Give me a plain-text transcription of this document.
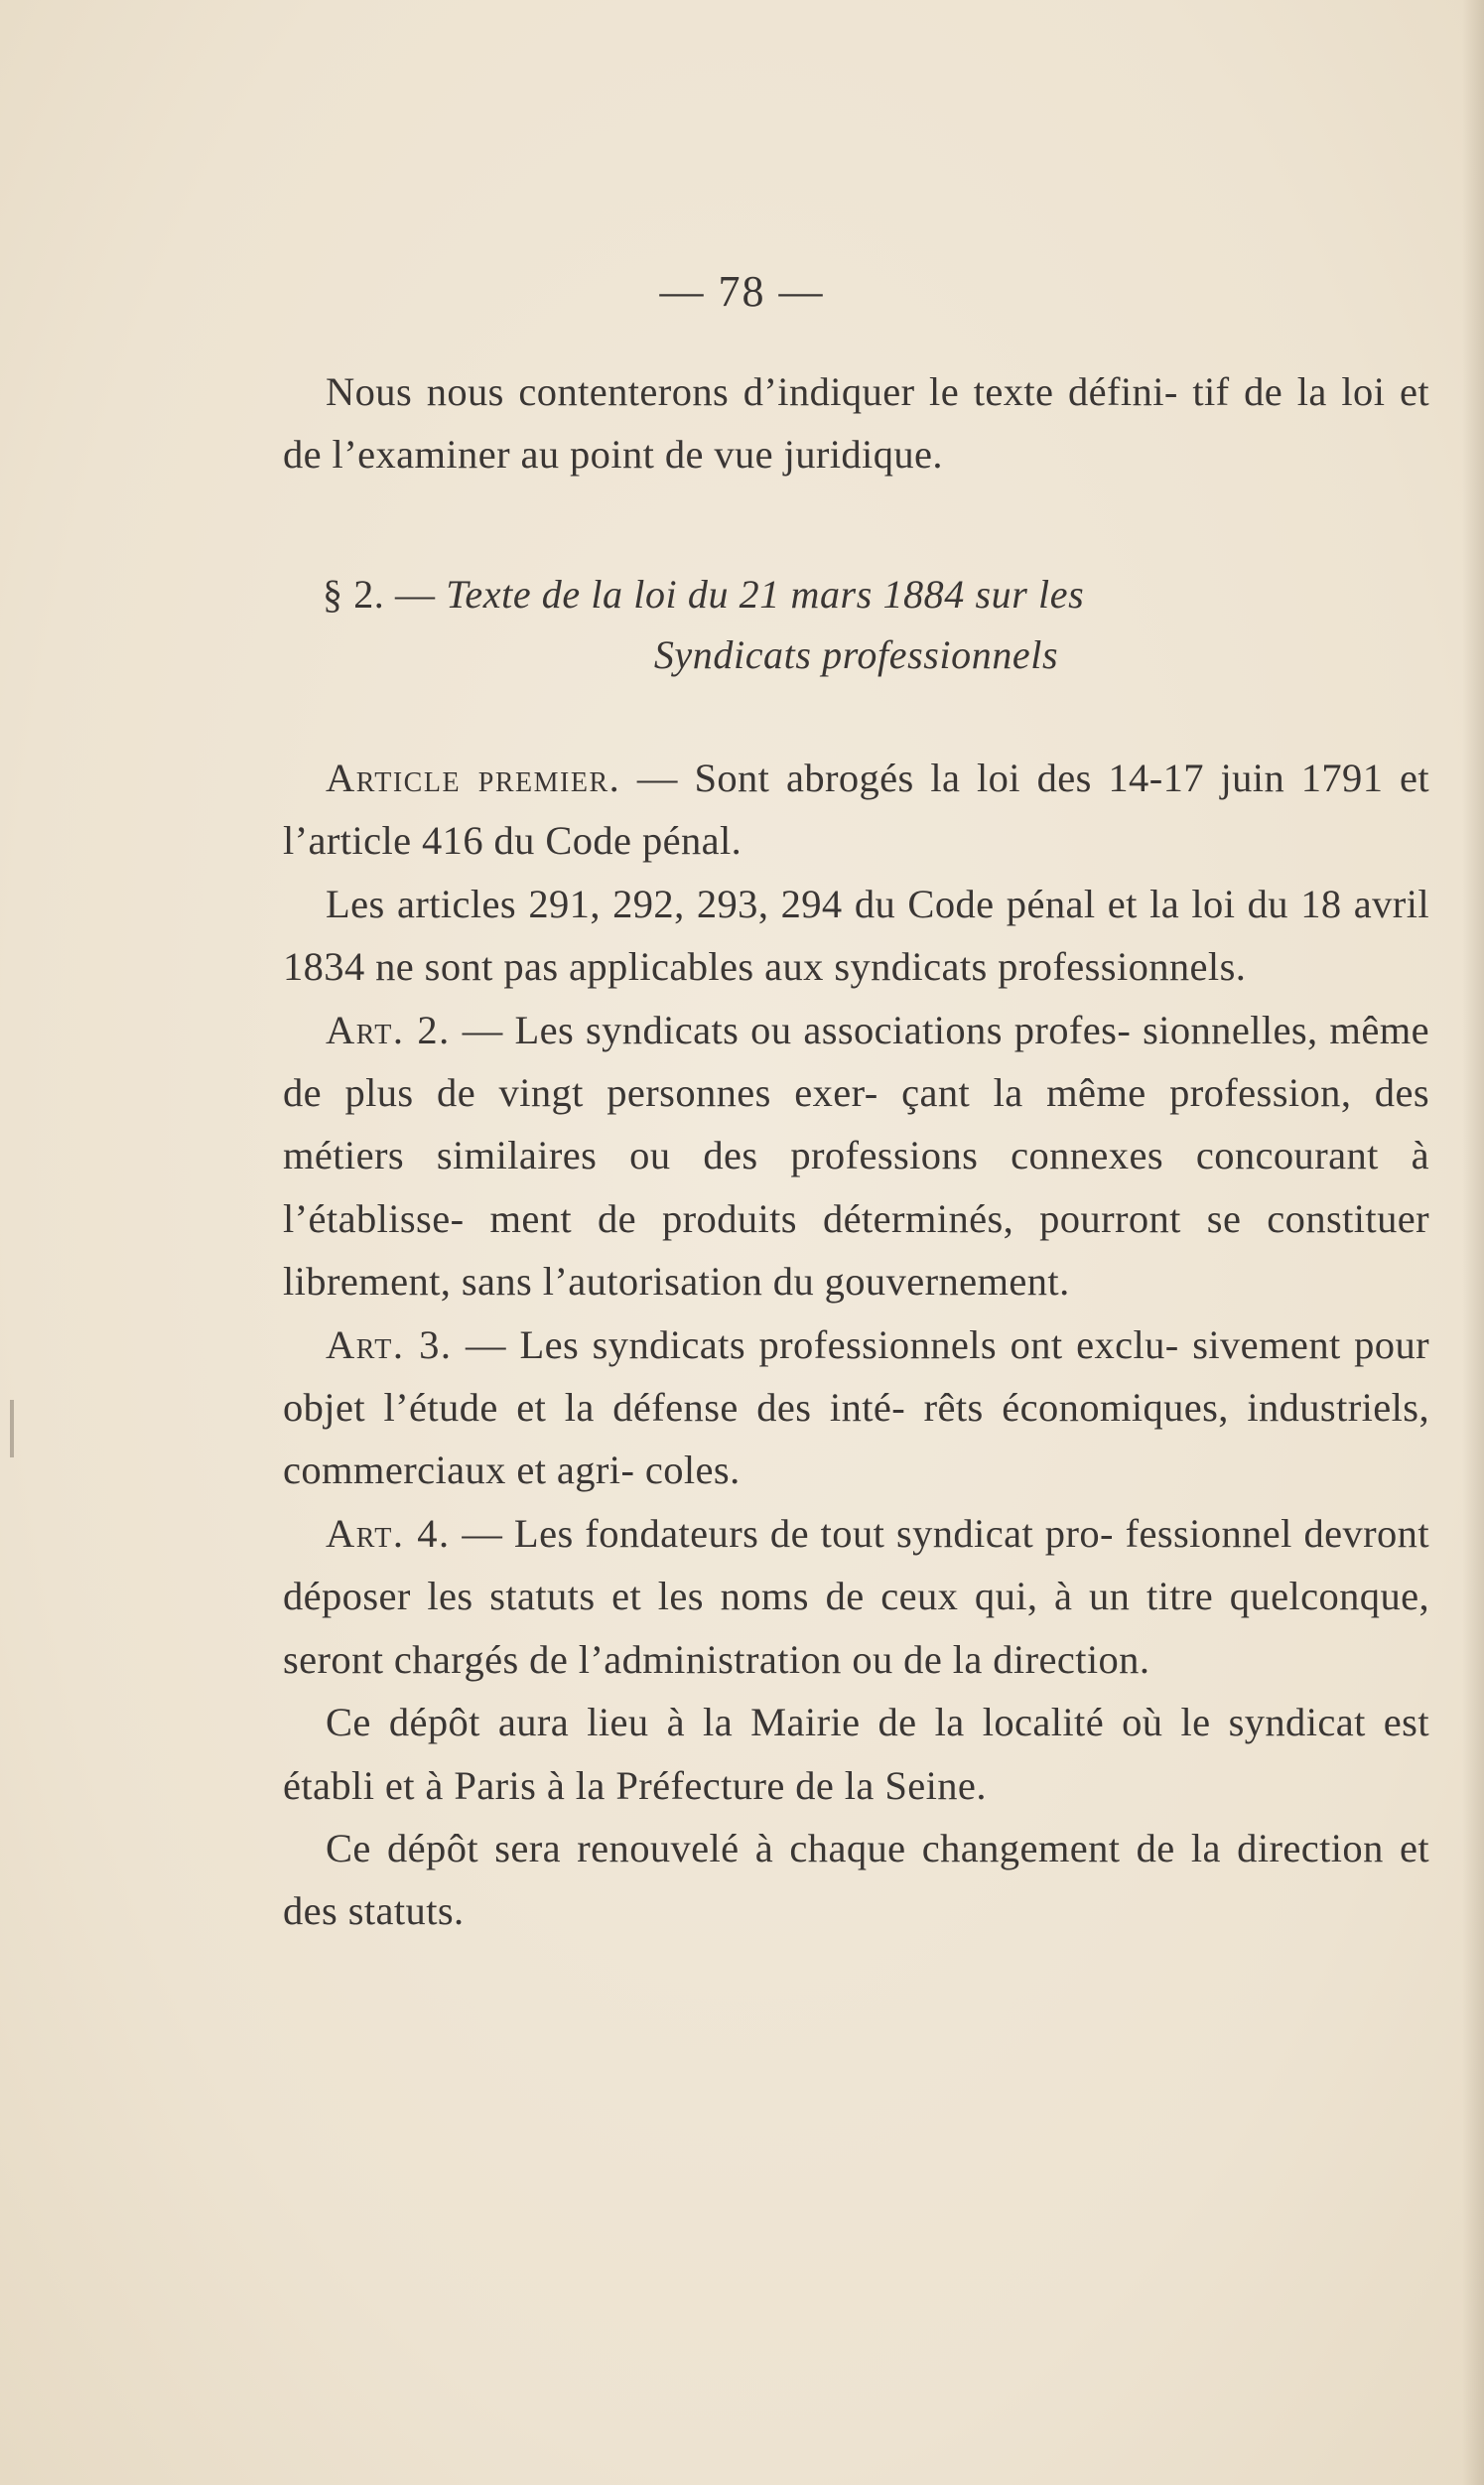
— 78 —

Nous nous contenterons d’indiquer le texte défini- tif de la loi et de l’examiner au point de vue juridique.

§ 2. — Texte de la loi du 21 mars 1884 sur les
Syndicats professionnels

Article premier. — Sont abrogés la loi des 14-17 juin 1791 et l’article 416 du Code pénal.

Les articles 291, 292, 293, 294 du Code pénal et la loi du 18 avril 1834 ne sont pas applicables aux syndicats professionnels.

Art. 2. — Les syndicats ou associations profes- sionnelles, même de plus de vingt personnes exer- çant la même profession, des métiers similaires ou des professions connexes concourant à l’établisse- ment de produits déterminés, pourront se constituer librement, sans l’autorisation du gouvernement.

Art. 3. — Les syndicats professionnels ont exclu- sivement pour objet l’étude et la défense des inté- rêts économiques, industriels, commerciaux et agri- coles.

Art. 4. — Les fondateurs de tout syndicat pro- fessionnel devront déposer les statuts et les noms de ceux qui, à un titre quelconque, seront chargés de l’administration ou de la direction.

Ce dépôt aura lieu à la Mairie de la localité où le syndicat est établi et à Paris à la Préfecture de la Seine.

Ce dépôt sera renouvelé à chaque changement de la direction et des statuts.
